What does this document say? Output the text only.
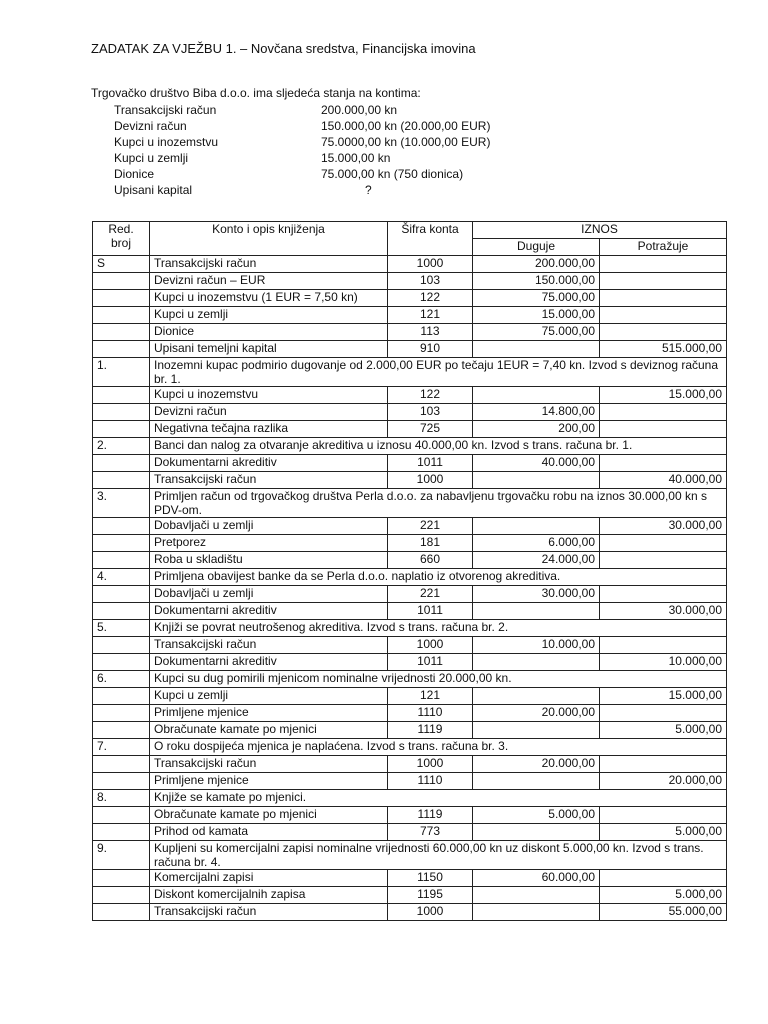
ZADATAK ZA VJEŽBU 1. – Novčana sredstva, Financijska imovina
Trgovačko društvo Biba d.o.o. ima sljedeća stanja na kontima:
Transakcijski račun	200.000,00 kn
Devizni račun	150.000,00 kn (20.000,00 EUR)
Kupci u inozemstvu	75.0000,00 kn (10.000,00 EUR)
Kupci u zemlji	15.000,00 kn
Dionice	75.000,00 kn (750 dionica)
Upisani kapital	?
Red. broj	Konto i opis knjiženja	Šifra konta	IZNOS	
			Duguje	Potražuje
S	Transakcijski račun	1000	200.000,00	
	Devizni račun – EUR	103	150.000,00	
	Kupci u inozemstvu (1 EUR = 7,50 kn)	122	75.000,00	
	Kupci u zemlji	121	15.000,00	
	Dionice	113	75.000,00	
	Upisani temeljni kapital	910		515.000,00
1.	Inozemni kupac podmirio dugovanje od 2.000,00 EUR po tečaju 1EUR = 7,40 kn. Izvod s deviznog računa br. 1.			
	Kupci u inozemstvu	122		15.000,00
	Devizni račun	103	14.800,00	
	Negativna tečajna razlika	725	200,00	
2.	Banci dan nalog za otvaranje akreditiva u iznosu 40.000,00 kn. Izvod s trans. računa br. 1.			
	Dokumentarni akreditiv	1011	40.000,00	
	Transakcijski račun	1000		40.000,00
3.	Primljen račun od trgovačkog društva Perla d.o.o. za nabavljenu trgovačku robu na iznos 30.000,00 kn s PDV-om.			
	Dobavljači u zemlji	221		30.000,00
	Pretporez	181	6.000,00	
	Roba u skladištu	660	24.000,00	
4.	Primljena obavijest banke da se Perla d.o.o. naplatio iz otvorenog akreditiva.			
	Dobavljači u zemlji	221	30.000,00	
	Dokumentarni akreditiv	1011		30.000,00
5.	Knjiži se povrat neutrošenog akreditiva. Izvod s trans. računa br. 2.			
	Transakcijski račun	1000	10.000,00	
	Dokumentarni akreditiv	1011		10.000,00
6.	Kupci su dug pomirili mjenicom nominalne vrijednosti 20.000,00 kn.			
	Kupci u zemlji	121		15.000,00
	Primljene mjenice	1110	20.000,00	
	Obračunate kamate po mjenici	1119		5.000,00
7.	O roku dospijeća mjenica je naplaćena. Izvod s trans. računa br. 3.			
	Transakcijski račun	1000	20.000,00	
	Primljene mjenice	1110		20.000,00
8.	Knjiže se kamate po mjenici.			
	Obračunate kamate po mjenici	1119	5.000,00	
	Prihod od kamata	773		5.000,00
9.	Kupljeni su komercijalni zapisi nominalne vrijednosti 60.000,00 kn uz diskont 5.000,00 kn. Izvod s trans. računa br. 4.			
	Komercijalni zapisi	1150	60.000,00	
	Diskont komercijalnih zapisa	1195		5.000,00
	Transakcijski račun	1000		55.000,00
